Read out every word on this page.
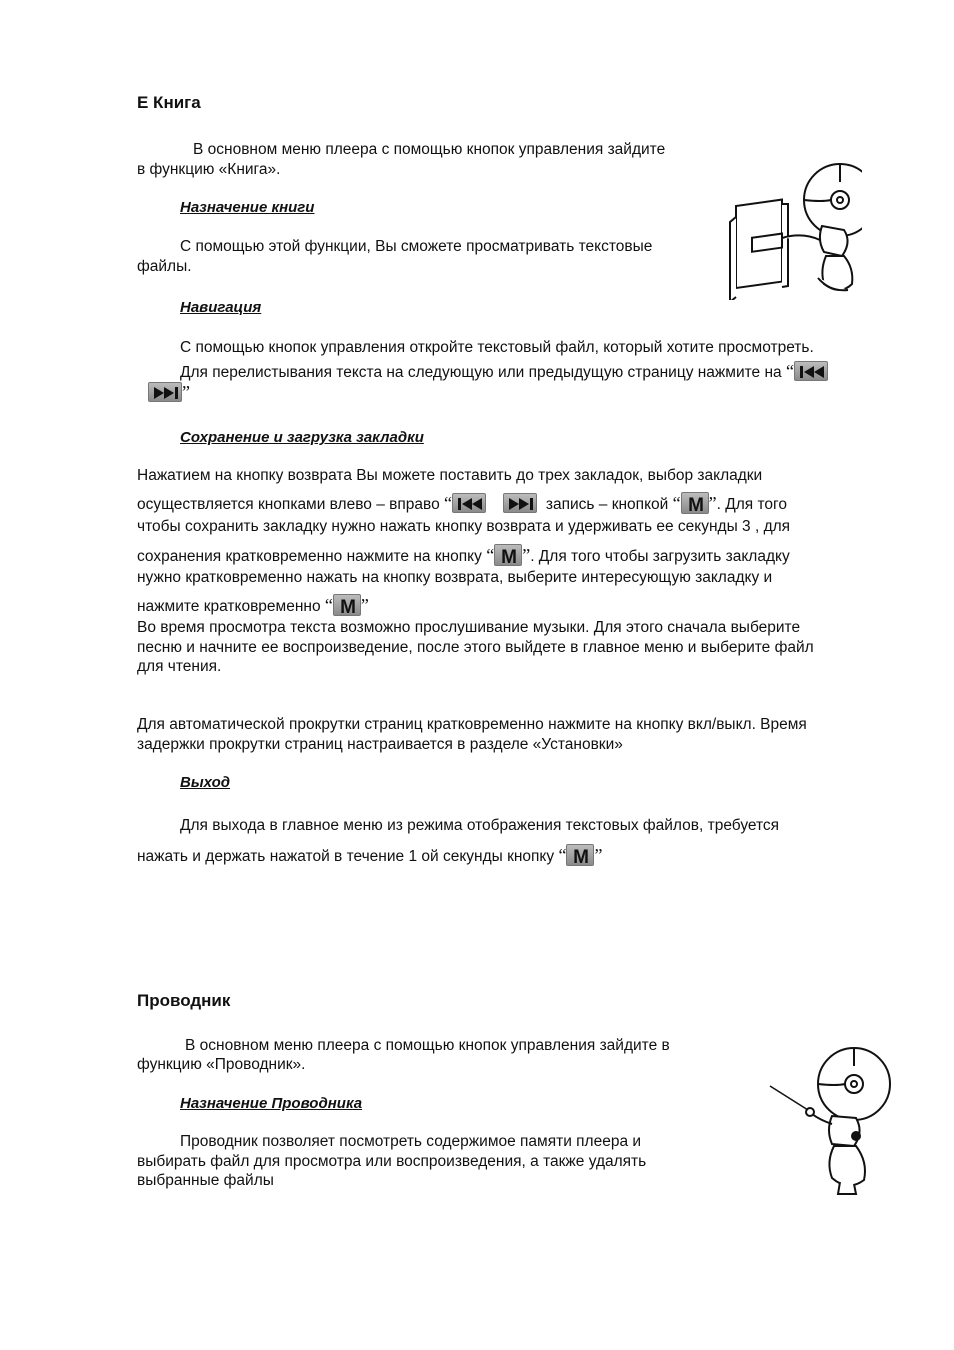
Е Книга
В основном меню плеера с помощью кнопок управления зайдите
в функцию «Книга».
Назначение книги
С помощью этой функции, Вы сможете просматривать текстовые
файлы.
Навигация
С помощью кнопок управления откройте текстовый файл, который хотите просмотреть.
Для перелистывания текста на следующую или предыдущую страницу нажмите на “
”
Сохранение и загрузка закладки
Нажатием на кнопку возврата Вы можете поставить до трех закладок, выбор закладки
осуществляется кнопками влево – вправо “
	запись – кнопкой “ M ”. Для того
чтобы сохранить закладку нужно нажать кнопку возврата и удерживать ее секунды 3 , для
сохранения кратковременно нажмите на кнопку “ M ”. Для того чтобы загрузить закладку
нужно кратковременно нажать на кнопку возврата, выберите интересующую закладку и
нажмите кратковременно “ M ”
Во время просмотра текста возможно прослушивание музыки. Для этого сначала выберите
песню и начните ее воспроизведение, после этого выйдете в главное меню и выберите файл
для чтения.
Для автоматической прокрутки страниц кратковременно нажмите на кнопку вкл/выкл. Время
задержки прокрутки страниц настраивается в разделе «Установки»
Выход
Для выхода в главное меню из режима отображения текстовых файлов, требуется
нажать и держать нажатой в течение 1 ой секунды кнопку “ M ”
Проводник
В основном меню плеера с помощью кнопок управления зайдите в
функцию «Проводник».
Назначение Проводника
Проводник позволяет посмотреть содержимое памяти плеера и
выбирать файл для просмотра или воспроизведения, а также удалять
выбранные файлы
